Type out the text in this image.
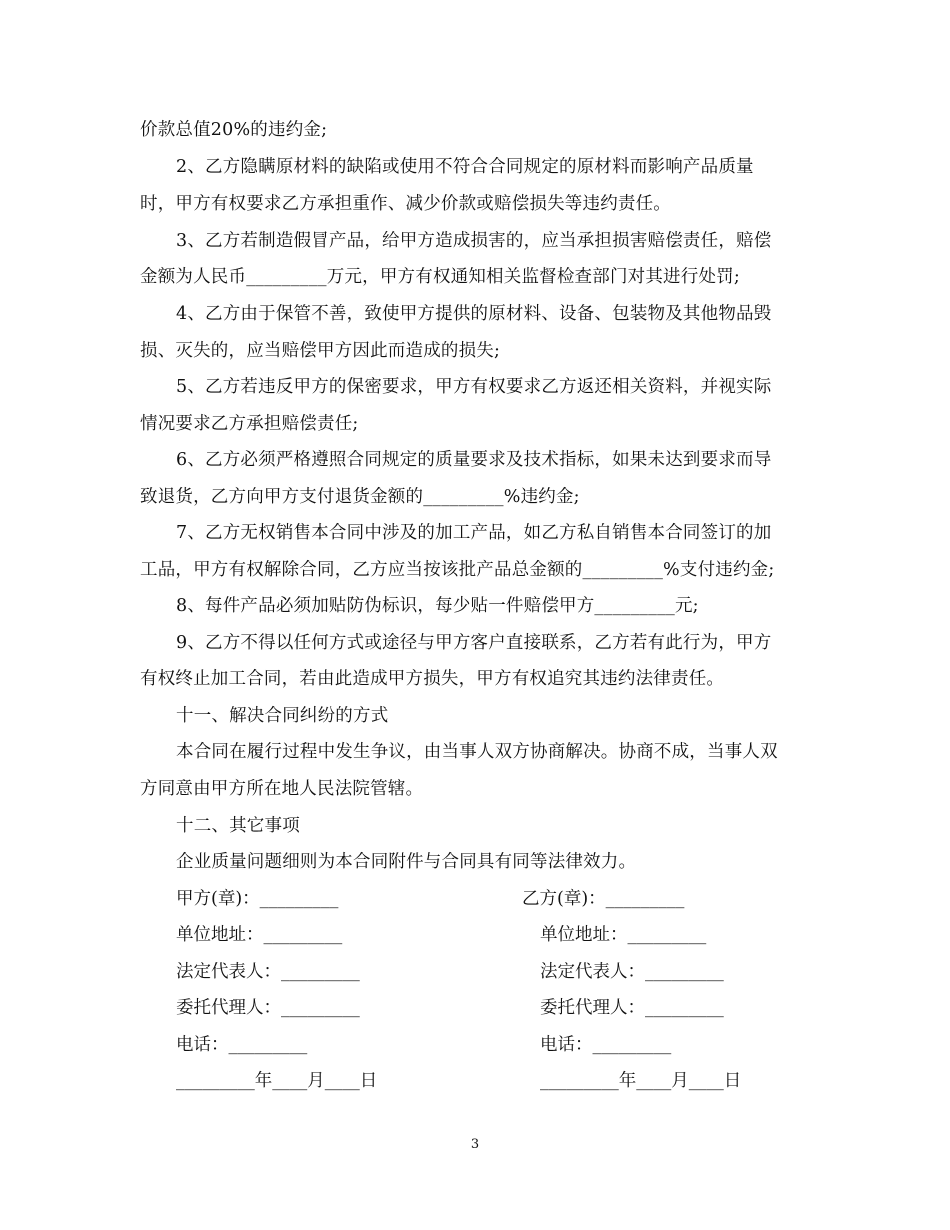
价款总值20%的违约金;
2、乙方隐瞒原材料的缺陷或使用不符合合同规定的原材料而影响产品质量
时，甲方有权要求乙方承担重作、减少价款或赔偿损失等违约责任。
3、乙方若制造假冒产品，给甲方造成损害的，应当承担损害赔偿责任，赔偿
金额为人民币_________万元，甲方有权通知相关监督检查部门对其进行处罚;
4、乙方由于保管不善，致使甲方提供的原材料、设备、包装物及其他物品毁
损、灭失的，应当赔偿甲方因此而造成的损失;
5、乙方若违反甲方的保密要求，甲方有权要求乙方返还相关资料，并视实际
情况要求乙方承担赔偿责任;
6、乙方必须严格遵照合同规定的质量要求及技术指标，如果未达到要求而导
致退货，乙方向甲方支付退货金额的_________%违约金;
7、乙方无权销售本合同中涉及的加工产品，如乙方私自销售本合同签订的加
工品，甲方有权解除合同，乙方应当按该批产品总金额的_________%支付违约金;
8、每件产品必须加贴防伪标识，每少贴一件赔偿甲方_________元;
9、乙方不得以任何方式或途径与甲方客户直接联系，乙方若有此行为，甲方
有权终止加工合同，若由此造成甲方损失，甲方有权追究其违约法律责任。
十一、解决合同纠纷的方式
本合同在履行过程中发生争议，由当事人双方协商解决。协商不成，当事人双
方同意由甲方所在地人民法院管辖。
十二、其它事项
企业质量问题细则为本合同附件与合同具有同等法律效力。
甲方(章)：_________
单位地址：_________
法定代表人：_________
委托代理人：_________
电话：_________
_________年____月____日
乙方(章)：_________
单位地址：_________
法定代表人：_________
委托代理人：_________
电话：_________
_________年____月____日
3
